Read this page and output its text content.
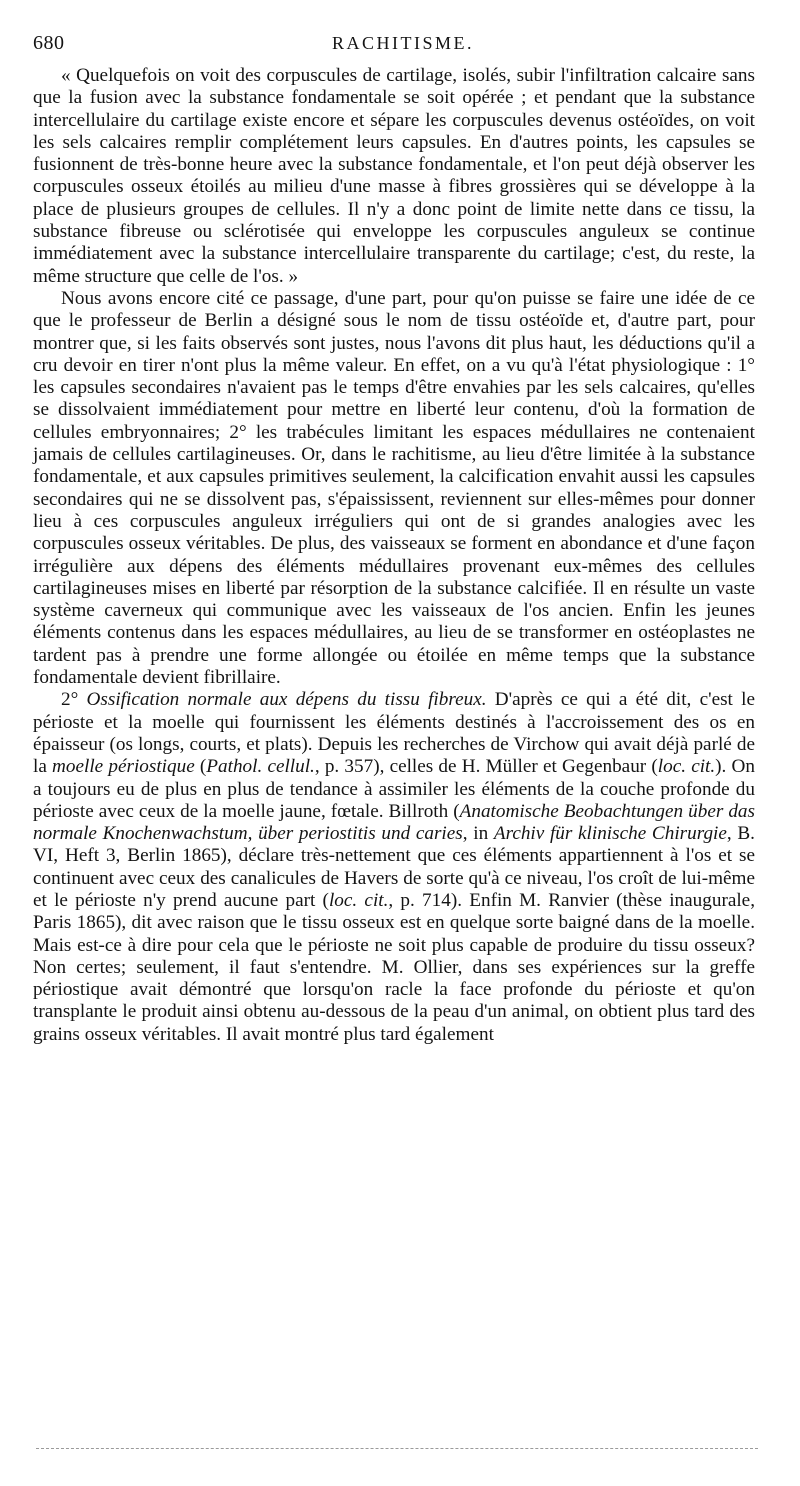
680	RACHITISME.

« Quelquefois on voit des corpuscules de cartilage, isolés, subir l'infiltration calcaire sans que la fusion avec la substance fondamentale se soit opérée ; et pendant que la substance intercellulaire du cartilage existe encore et sépare les corpuscules devenus ostéoïdes, on voit les sels calcaires remplir complétement leurs capsules. En d'autres points, les capsules se fusionnent de très-bonne heure avec la substance fondamentale, et l'on peut déjà observer les corpuscules osseux étoilés au milieu d'une masse à fibres grossières qui se développe à la place de plusieurs groupes de cellules. Il n'y a donc point de limite nette dans ce tissu, la substance fibreuse ou sclérotisée qui enveloppe les corpuscules anguleux se continue immédiatement avec la substance intercellulaire transparente du cartilage; c'est, du reste, la même structure que celle de l'os. »

Nous avons encore cité ce passage, d'une part, pour qu'on puisse se faire une idée de ce que le professeur de Berlin a désigné sous le nom de tissu ostéoïde et, d'autre part, pour montrer que, si les faits observés sont justes, nous l'avons dit plus haut, les déductions qu'il a cru devoir en tirer n'ont plus la même valeur. En effet, on a vu qu'à l'état physiologique : 1° les capsules secondaires n'avaient pas le temps d'être envahies par les sels calcaires, qu'elles se dissolvaient immédiatement pour mettre en liberté leur contenu, d'où la formation de cellules embryonnaires; 2° les trabécules limitant les espaces médullaires ne contenaient jamais de cellules cartilagineuses. Or, dans le rachitisme, au lieu d'être limitée à la substance fondamentale, et aux capsules primitives seulement, la calcification envahit aussi les capsules secondaires qui ne se dissolvent pas, s'épaississent, reviennent sur elles-mêmes pour donner lieu à ces corpuscules anguleux irréguliers qui ont de si grandes analogies avec les corpuscules osseux véritables. De plus, des vaisseaux se forment en abondance et d'une façon irrégulière aux dépens des éléments médullaires provenant eux-mêmes des cellules cartilagineuses mises en liberté par résorption de la substance calcifiée. Il en résulte un vaste système caverneux qui communique avec les vaisseaux de l'os ancien. Enfin les jeunes éléments contenus dans les espaces médullaires, au lieu de se transformer en ostéoplastes ne tardent pas à prendre une forme allongée ou étoilée en même temps que la substance fondamentale devient fibrillaire.

2° Ossification normale aux dépens du tissu fibreux. D'après ce qui a été dit, c'est le périoste et la moelle qui fournissent les éléments destinés à l'accroissement des os en épaisseur (os longs, courts, et plats). Depuis les recherches de Virchow qui avait déjà parlé de la moelle périostique (Pathol. cellul., p. 357), celles de H. Müller et Gegenbaur (loc. cit.). On a toujours eu de plus en plus de tendance à assimiler les éléments de la couche profonde du périoste avec ceux de la moelle jaune, fœtale. Billroth (Anatomische Beobachtungen über das normale Knochenwachstum, über periostitis und caries, in Archiv für klinische Chirurgie, B. VI, Heft 3, Berlin 1865), déclare très-nettement que ces éléments appartiennent à l'os et se continuent avec ceux des canalicules de Havers de sorte qu'à ce niveau, l'os croît de lui-même et le périoste n'y prend aucune part (loc. cit., p. 714). Enfin M. Ranvier (thèse inaugurale, Paris 1865), dit avec raison que le tissu osseux est en quelque sorte baigné dans de la moelle. Mais est-ce à dire pour cela que le périoste ne soit plus capable de produire du tissu osseux? Non certes; seulement, il faut s'entendre. M. Ollier, dans ses expériences sur la greffe périostique avait démontré que lorsqu'on racle la face profonde du périoste et qu'on transplante le produit ainsi obtenu au-dessous de la peau d'un animal, on obtient plus tard des grains osseux véritables. Il avait montré plus tard également
